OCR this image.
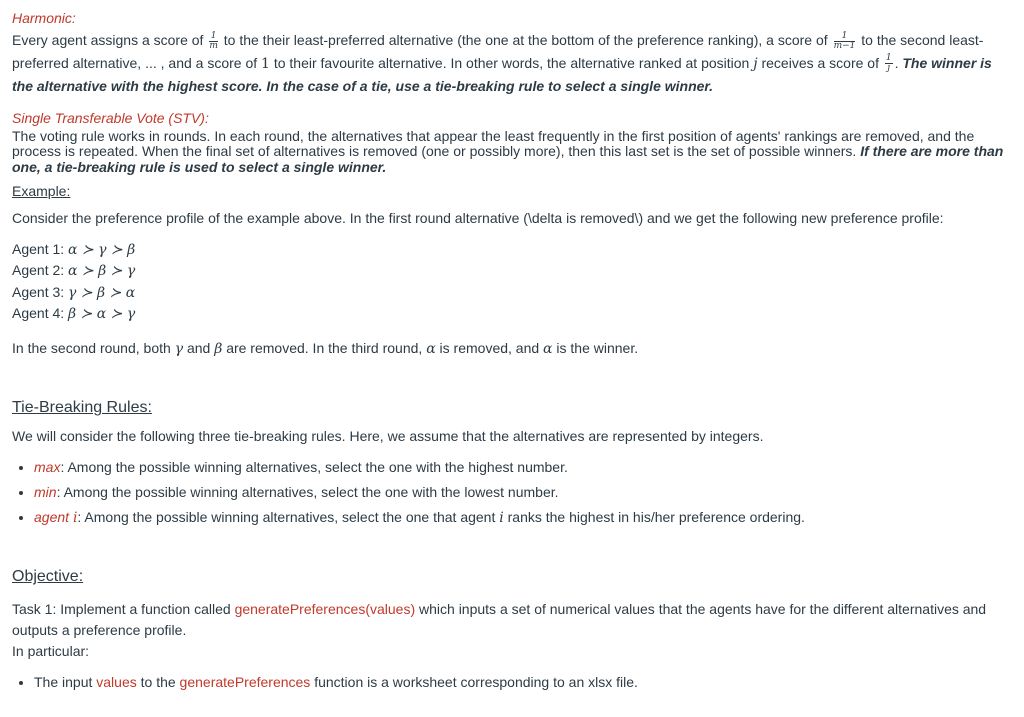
Harmonic:

Every agent assigns a score of $\frac{1}{m}$ to the their least-preferred alternative (the one at the bottom of the preference ranking), a score of $\frac{1}{m-1}$ to the second least-preferred alternative, ... , and a score of 1 to their favourite alternative. In other words, the alternative ranked at position j receives a score of $\frac{1}{j}$ . The winner is the alternative with the highest score. In the case of a tie, use a tie-breaking rule to select a single winner.

Single Transferable Vote (STV):

The voting rule works in rounds. In each round, the alternatives that appear the least frequently in the first position of agents' rankings are removed, and the process is repeated. When the final set of alternatives is removed (one or possibly more), then this last set is the set of possible winners. If there are more than one, a tie-breaking rule is used to select a single winner.

Example:

Consider the preference profile of the example above. In the first round alternative (\delta is removed\) and we get the following new preference profile:

Agent 1: α ≻ γ ≻ β

Agent 2: α ≻ β ≻ γ

Agent 3: γ ≻ β ≻ α

Agent 4: β ≻ α ≻ γ

In the second round, both γ and β are removed. In the third round, α is removed, and α is the winner.

Tie-Breaking Rules:

We will consider the following three tie-breaking rules. Here, we assume that the alternatives are represented by integers.

• max: Among the possible winning alternatives, select the one with the highest number.
• min: Among the possible winning alternatives, select the one with the lowest number.
• agent i: Among the possible winning alternatives, select the one that agent i ranks the highest in his/her preference ordering.
Objective:

Task 1: Implement a function called generatePreferences(values) which inputs a set of numerical values that the agents have for the different alternatives and outputs a preference profile.

In particular:

• The input values to the generatePreferences function is a worksheet corresponding to an xlsx file.
